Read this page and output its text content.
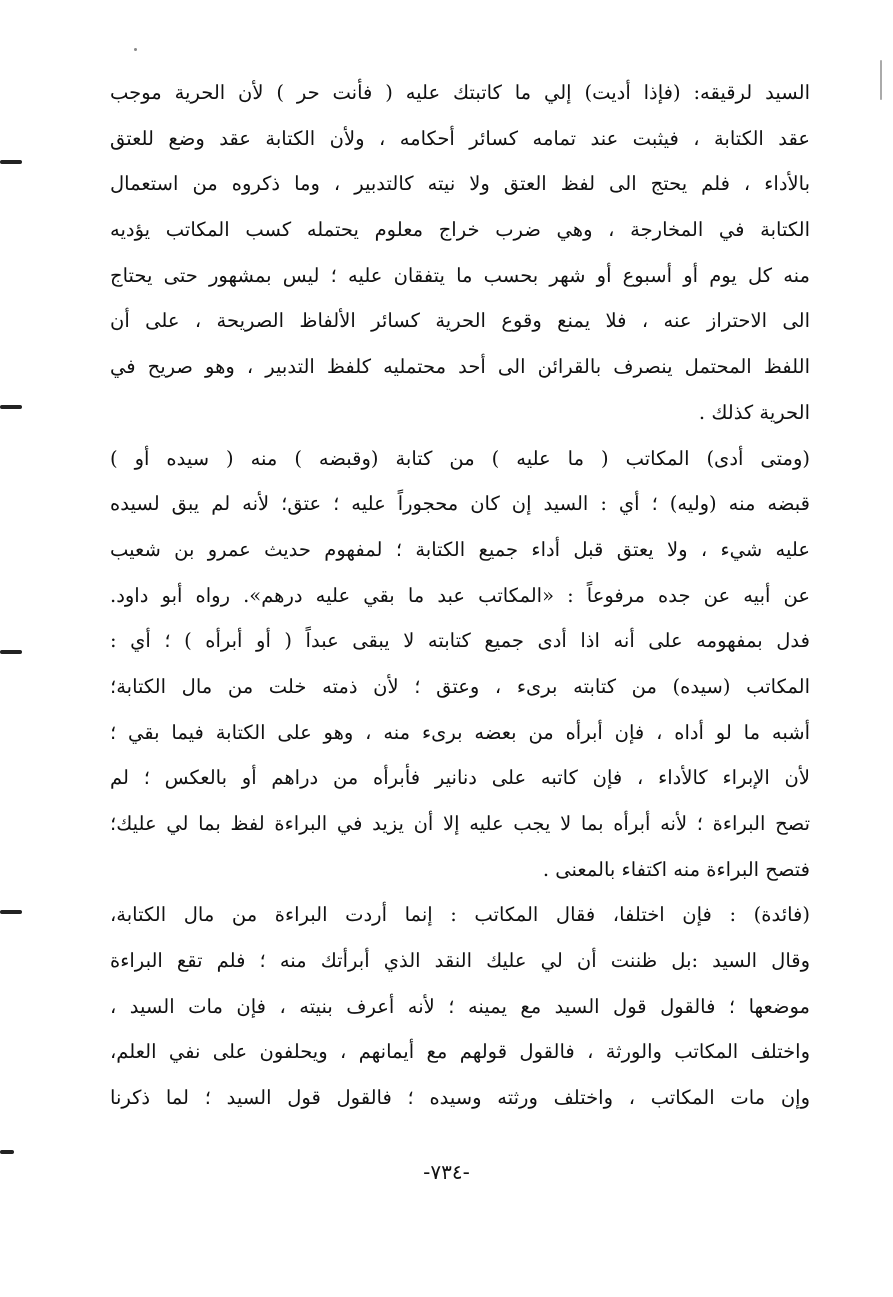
السيد لرقيقه: (فإذا أديت) إلي ما كاتبتك عليه ( فأنت حر ) لأن الحرية موجب
عقد الكتابة ، فيثبت عند تمامه كسائر أحكامه ، ولأن الكتابة عقد وضع للعتق
بالأداء ، فلم يحتج الى لفظ العتق ولا نيته كالتدبير ، وما ذكروه من استعمال
الكتابة في المخارجة ، وهي ضرب خراج معلوم يحتمله كسب المكاتب يؤديه
منه كل يوم أو أسبوع أو شهر بحسب ما يتفقان عليه ؛ ليس بمشهور حتى يحتاج
الى الاحتراز عنه ، فلا يمنع وقوع الحرية كسائر الألفاظ الصريحة ، على أن
اللفظ المحتمل ينصرف بالقرائن الى أحد محتمليه كلفظ التدبير ، وهو صريح في
الحرية كذلك .
(ومتى أدى) المكاتب ( ما عليه ) من كتابة (وقبضه ) منه ( سيده أو )
قبضه منه (وليه) ؛ أي : السيد إن كان محجوراً عليه ؛ عتق؛ لأنه لم يبق لسيده
عليه شيء ، ولا يعتق قبل أداء جميع الكتابة ؛ لمفهوم حديث عمرو بن شعيب
عن أبيه عن جده مرفوعاً : «المكاتب عبد ما بقي عليه درهم». رواه أبو داود.
فدل بمفهومه على أنه اذا أدى جميع كتابته لا يبقى عبداً ( أو أبرأه ) ؛ أي :
المكاتب (سيده) من كتابته برىء ، وعتق ؛ لأن ذمته خلت من مال الكتابة؛
أشبه ما لو أداه ، فإن أبرأه من بعضه برىء منه ، وهو على الكتابة فيما بقي ؛
لأن الإبراء كالأداء ، فإن كاتبه على دنانير فأبرأه من دراهم أو بالعكس ؛ لم
تصح البراءة ؛ لأنه أبرأه بما لا يجب عليه إلا أن يزيد في البراءة لفظ بما لي عليك؛
فتصح البراءة منه اكتفاء بالمعنى .
(فائدة) : فإن اختلفا، فقال المكاتب : إنما أردت البراءة من مال الكتابة،
وقال السيد :بل ظننت أن لي عليك النقد الذي أبرأتك منه ؛ فلم تقع البراءة
موضعها ؛ فالقول قول السيد مع يمينه ؛ لأنه أعرف بنيته ، فإن مات السيد ،
واختلف المكاتب والورثة ، فالقول قولهم مع أيمانهم ، ويحلفون على نفي العلم،
وإن مات المكاتب ، واختلف ورثته وسيده ؛ فالقول قول السيد ؛ لما ذكرنا
-٧٣٤-
